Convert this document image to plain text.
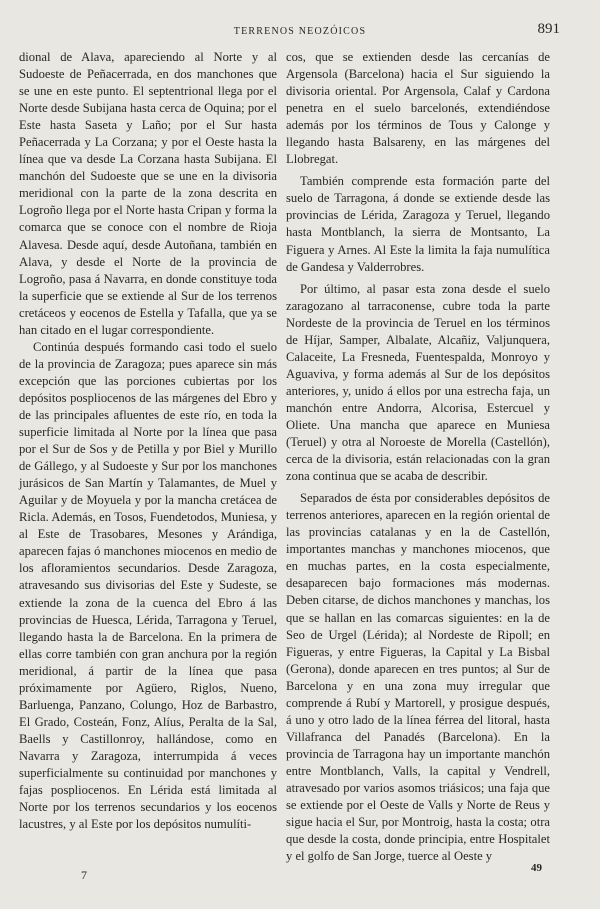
TERRENOS NEOZÓICOS	891

dional de Alava, apareciendo al Norte y al Sudoeste de Peñacerrada, en dos manchones que se une en este punto. El septentrional llega por el Norte desde Subijana hasta cerca de Oquina; por el Este hasta Saseta y Laño; por el Sur hasta Peñacerrada y La Corzana; y por el Oeste hasta la línea que va desde La Corzana hasta Subijana. El manchón del Sudoeste que se une en la divisoria meridional con la parte de la zona descrita en Logroño llega por el Norte hasta Cripan y forma la comarca que se conoce con el nombre de Rioja Alavesa. Desde aquí, desde Autoñana, también en Alava, y desde el Norte de la provincia de Logroño, pasa á Navarra, en donde constituye toda la superficie que se extiende al Sur de los terrenos cretáceos y eocenos de Estella y Tafalla, que ya se han citado en el lugar correspondiente.

Continúa después formando casi todo el suelo de la provincia de Zaragoza; pues aparece sin más excepción que las porciones cubiertas por los depósitos pospliocenos de las márgenes del Ebro y de las principales afluentes de este río, en toda la superficie limitada al Norte por la línea que pasa por el Sur de Sos y de Petilla y por Biel y Murillo de Gállego, y al Sudoeste y Sur por los manchones jurásicos de San Martín y Talamantes, de Muel y Aguilar y de Moyuela y por la mancha cretácea de Ricla. Además, en Tosos, Fuendetodos, Muniesa, y al Este de Trasobares, Mesones y Arándiga, aparecen fajas ó manchones miocenos en medio de los afloramientos secundarios. Desde Zaragoza, atravesando sus divisorias del Este y Sudeste, se extiende la zona de la cuenca del Ebro á las provincias de Huesca, Lérida, Tarragona y Teruel, llegando hasta la de Barcelona. En la primera de ellas corre también con gran anchura por la región meridional, á partir de la línea que pasa próximamente por Agüero, Riglos, Nueno, Barluenga, Panzano, Colungo, Hoz de Barbastro, El Grado, Costeán, Fonz, Alíus, Peralta de la Sal, Baells y Castillonroy, hallándose, como en Navarra y Zaragoza, interrumpida á veces superficialmente su continuidad por manchones y fajas pospliocenos. En Lérida está limitada al Norte por los terrenos secundarios y los eocenos lacustres, y al Este por los depósitos numulíti-

cos, que se extienden desde las cercanías de Argensola (Barcelona) hacia el Sur siguiendo la divisoria oriental. Por Argensola, Calaf y Cardona penetra en el suelo barcelonés, extendiéndose además por los términos de Tous y Calonge y llegando hasta Balsareny, en las márgenes del Llobregat.

También comprende esta formación parte del suelo de Tarragona, á donde se extiende desde las provincias de Lérida, Zaragoza y Teruel, llegando hasta Montblanch, la sierra de Montsanto, La Figuera y Arnes. Al Este la limita la faja numulítica de Gandesa y Valderrobres.

Por último, al pasar esta zona desde el suelo zaragozano al tarraconense, cubre toda la parte Nordeste de la provincia de Teruel en los términos de Híjar, Samper, Albalate, Alcañiz, Valjunquera, Calaceite, La Fresneda, Fuentespalda, Monroyo y Aguaviva, y forma además al Sur de los depósitos anteriores, y, unido á ellos por una estrecha faja, un manchón entre Andorra, Alcorisa, Estercuel y Oliete. Una mancha que aparece en Muniesa (Teruel) y otra al Noroeste de Morella (Castellón), cerca de la divisoria, están relacionadas con la gran zona continua que se acaba de describir.

Separados de ésta por considerables depósitos de terrenos anteriores, aparecen en la región oriental de las provincias catalanas y en la de Castellón, importantes manchas y manchones miocenos, que en muchas partes, en la costa especialmente, desaparecen bajo formaciones más modernas. Deben citarse, de dichos manchones y manchas, los que se hallan en las comarcas siguientes: en la de Seo de Urgel (Lérida); al Nordeste de Ripoll; en Figueras, y entre Figueras, la Capital y La Bisbal (Gerona), donde aparecen en tres puntos; al Sur de Barcelona y en una zona muy irregular que comprende á Rubí y Martorell, y prosigue después, á uno y otro lado de la línea férrea del litoral, hasta Villafranca del Panadés (Barcelona). En la provincia de Tarragona hay un importante manchón entre Montblanch, Valls, la capital y Vendrell, atravesado por varios asomos triásicos; una faja que se extiende por el Oeste de Valls y Norte de Reus y sigue hacia el Sur, por Montroig, hasta la costa; otra que desde la costa, donde principia, entre Hospitalet y el golfo de San Jorge, tuerce al Oeste y

7	49
